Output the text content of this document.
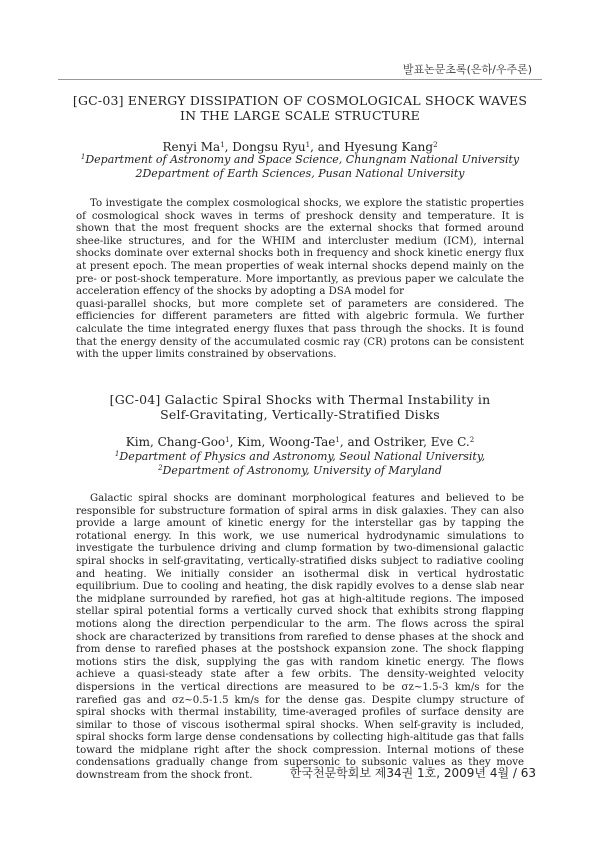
발표논문초록(은하/우주론)
[GC-03] ENERGY DISSIPATION OF COSMOLOGICAL SHOCK WAVES
IN THE LARGE SCALE STRUCTURE
Renyi Ma$^1$, Dongsu Ryu$^1$, and Hyesung Kang$^2$
$^1$Department of Astronomy and Space Science, Chungnam National University
2Department of Earth Sciences, Pusan National University

To investigate the complex cosmological shocks, we explore the statistic properties of cosmological shock waves in terms of preshock density and temperature. It is shown that the most frequent shocks are the external shocks that formed around shee-like structures, and for the WHIM and intercluster medium (ICM), internal shocks dominate over external shocks both in frequency and shock kinetic energy flux at present epoch. The mean properties of weak internal shocks depend mainly on the pre- or post-shock temperature. More importantly, as previous paper we calculate the acceleration effency of the shocks by adopting a DSA model for

quasi-parallel shocks, but more complete set of parameters are considered. The efficiencies for different parameters are fitted with algebric formula. We further calculate the time integrated energy fluxes that pass through the shocks. It is found that the energy density of the accumulated cosmic ray (CR) protons can be consistent with the upper limits constrained by observations.

[GC-04] Galactic Spiral Shocks with Thermal Instability in
Self-Gravitating, Vertically-Stratified Disks
Kim, Chang-Goo$^1$, Kim, Woong-Tae$^1$, and Ostriker, Eve C.$^2$
$^1$Department of Physics and Astronomy, Seoul National University,
$^2$Department of Astronomy, University of Maryland

Galactic spiral shocks are dominant morphological features and believed to be responsible for substructure formation of spiral arms in disk galaxies. They can also provide a large amount of kinetic energy for the interstellar gas by tapping the rotational energy. In this work, we use numerical hydrodynamic simulations to investigate the turbulence driving and clump formation by two-dimensional galactic spiral shocks in self-gravitating, vertically-stratified disks subject to radiative cooling and heating. We initially consider an isothermal disk in vertical hydrostatic equilibrium. Due to cooling and heating, the disk rapidly evolves to a dense slab near the midplane surrounded by rarefied, hot gas at high-altitude regions. The imposed stellar spiral potential forms a vertically curved shock that exhibits strong flapping motions along the direction perpendicular to the arm. The flows across the spiral shock are characterized by transitions from rarefied to dense phases at the shock and from dense to rarefied phases at the postshock expansion zone. The shock flapping motions stirs the disk, supplying the gas with random kinetic energy. The flows achieve a quasi-steady state after a few orbits. The density-weighted velocity dispersions in the vertical directions are measured to be σz~1.5-3 km/s for the rarefied gas and σz~0.5-1.5 km/s for the dense gas. Despite clumpy structure of spiral shocks with thermal instability, time-averaged profiles of surface density are similar to those of viscous isothermal spiral shocks. When self-gravity is included, spiral shocks form large dense condensations by collecting high-altitude gas that falls toward the midplane right after the shock compression. Internal motions of these condensations gradually change from supersonic to subsonic values as they move downstream from the shock front.	한국천문학회보 제34권 1호, 2009년 4월 / 63
